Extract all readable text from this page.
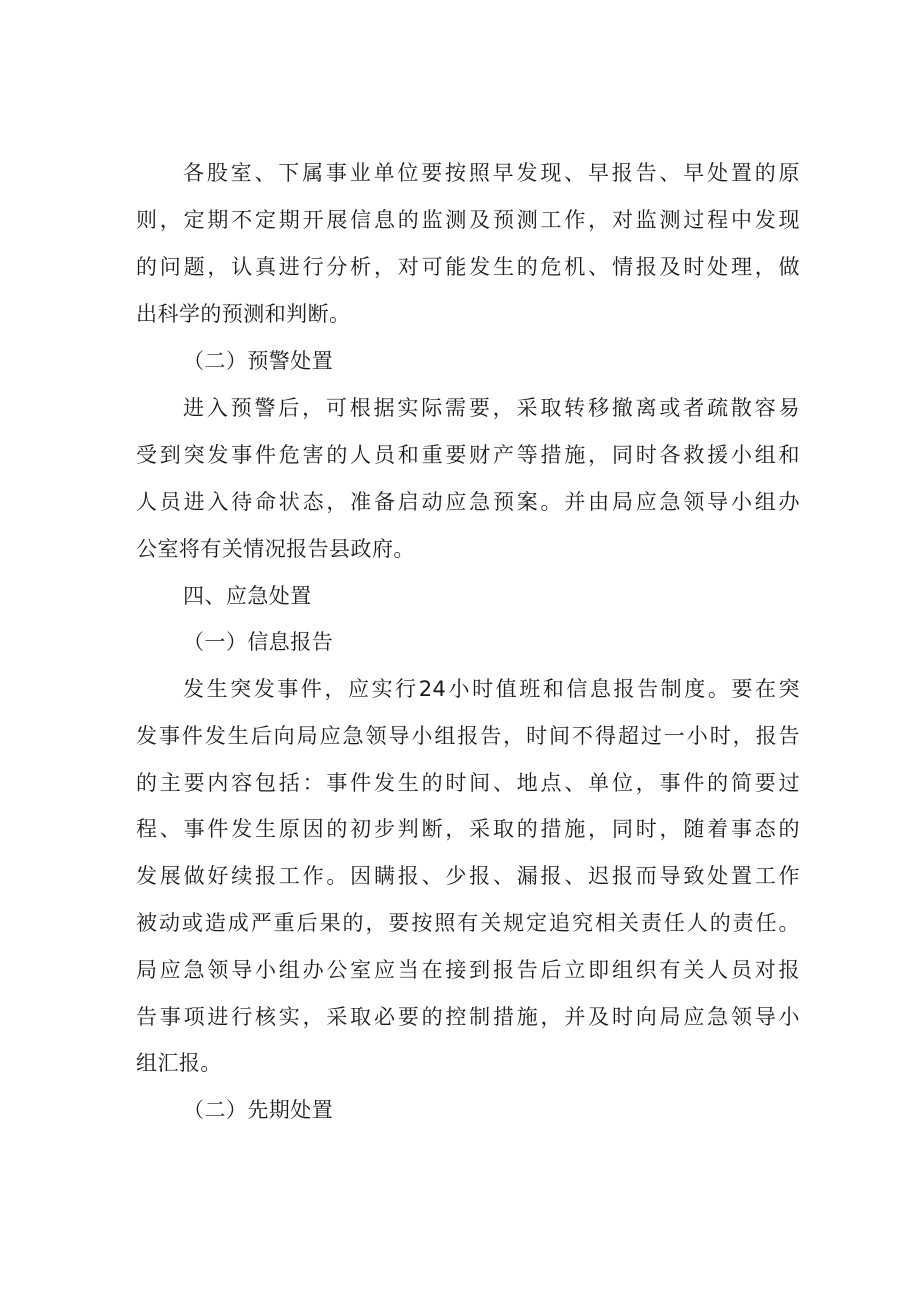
各股室、下属事业单位要按照早发现、早报告、早处置的原
则，定期不定期开展信息的监测及预测工作，对监测过程中发现
的问题，认真进行分析，对可能发生的危机、情报及时处理，做
出科学的预测和判断。
（二）预警处置
进入预警后，可根据实际需要，采取转移撤离或者疏散容易
受到突发事件危害的人员和重要财产等措施，同时各救援小组和
人员进入待命状态，准备启动应急预案。并由局应急领导小组办
公室将有关情况报告县政府。
四、应急处置
（一）信息报告
发生突发事件，应实行24小时值班和信息报告制度。要在突
发事件发生后向局应急领导小组报告，时间不得超过一小时，报告
的主要内容包括：事件发生的时间、地点、单位，事件的简要过
程、事件发生原因的初步判断，采取的措施，同时，随着事态的
发展做好续报工作。因瞒报、少报、漏报、迟报而导致处置工作
被动或造成严重后果的，要按照有关规定追究相关责任人的责任。
局应急领导小组办公室应当在接到报告后立即组织有关人员对报
告事项进行核实，采取必要的控制措施，并及时向局应急领导小
组汇报。
（二）先期处置
